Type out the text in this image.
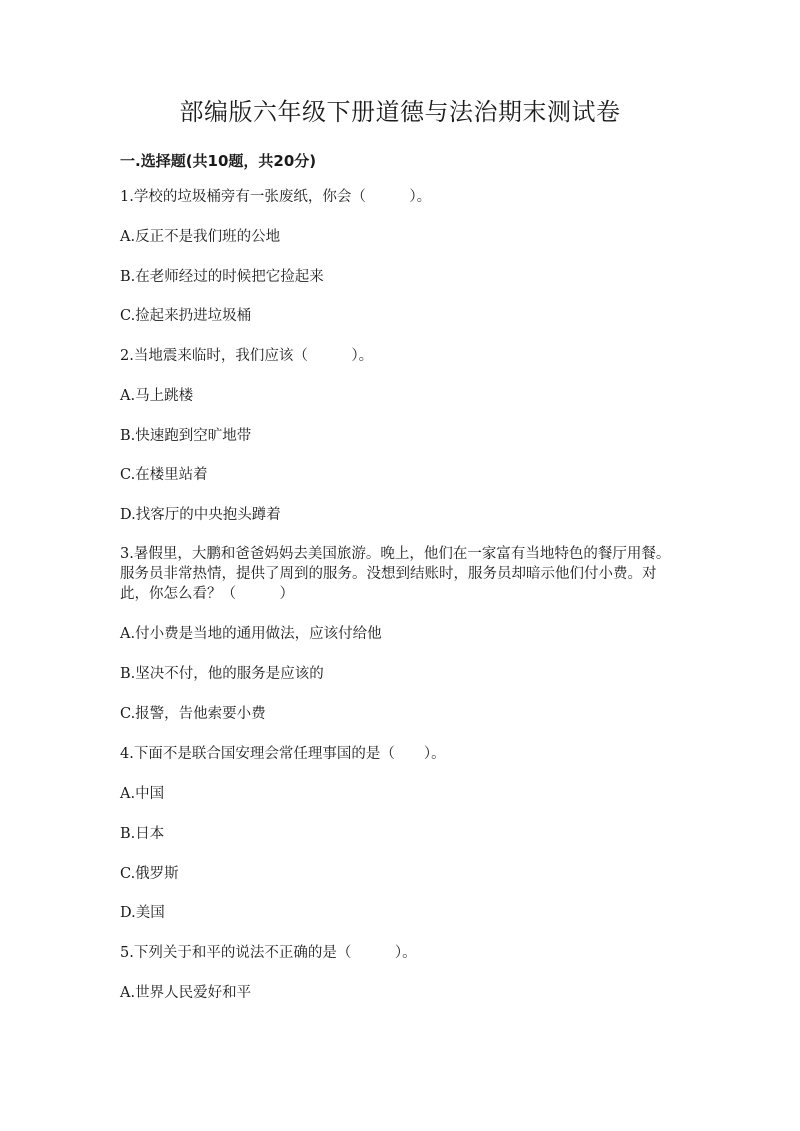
部编版六年级下册道德与法治期末测试卷
一.选择题(共10题，共20分)
1.学校的垃圾桶旁有一张废纸，你会（　　　）。
A.反正不是我们班的公地
B.在老师经过的时候把它捡起来
C.捡起来扔进垃圾桶
2.当地震来临时，我们应该（　　　）。
A.马上跳楼
B.快速跑到空旷地带
C.在楼里站着
D.找客厅的中央抱头蹲着
3.暑假里，大鹏和爸爸妈妈去美国旅游。晚上，他们在一家富有当地特色的餐厅用餐。服务员非常热情，提供了周到的服务。没想到结账时，服务员却暗示他们付小费。对此，你怎么看？（　　　）
A.付小费是当地的通用做法，应该付给他
B.坚决不付，他的服务是应该的
C.报警，告他索要小费
4.下面不是联合国安理会常任理事国的是（　　）。
A.中国
B.日本
C.俄罗斯
D.美国
5.下列关于和平的说法不正确的是（　　　）。
A.世界人民爱好和平
